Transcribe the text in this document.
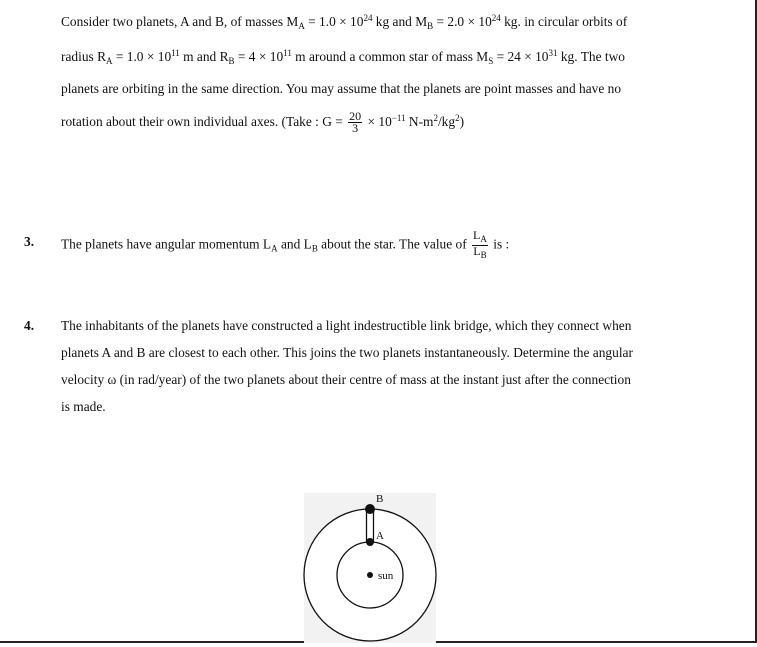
Consider two planets, A and B, of masses $M_A = 1.0 \times 10^{24}$ kg and $M_B = 2.0 \times 10^{24}$ kg. in circular orbits of
radius $R_A = 1.0 \times 10^{11}$ m and $R_B = 4 \times 10^{11}$ m around a common star of mass $M_S = 24 \times 10^{31}$ kg. The two
planets are orbiting in the same direction. You may assume that the planets are point masses and have no
rotation about their own individual axes. (Take : $G = \frac{20}{3} \times 10^{-11}$ $N-m^2/kg^2$)
3. The planets have angular momentum $L_A$ and $L_B$ about the star. The value of $\frac{L_A}{L_B}$ is :
4. The inhabitants of the planets have constructed a light indestructible link bridge, which they connect when
planets A and B are closest to each other. This joins the two planets instantaneously. Determine the angular
velocity ω (in rad/year) of the two planets about their centre of mass at the instant just after the connection
is made.
B
A
sun
